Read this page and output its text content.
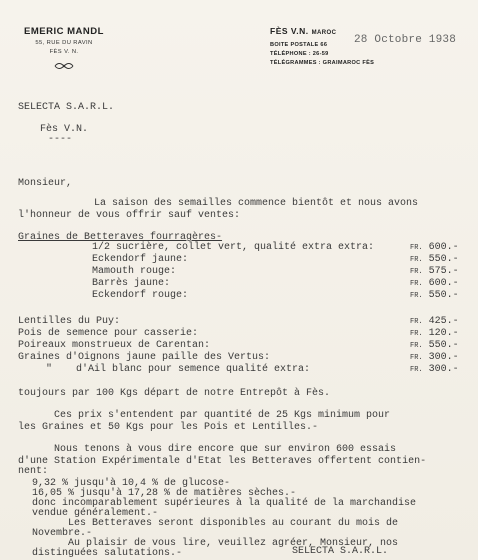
EMERIC MANDL
55, RUE DU RAVIN
FÈS V. N.
FÈS V.N. MAROC
BOITE POSTALE 66
TÉLÉPHONE : 26-59
TÉLÉGRAMMES : GRAIMAROC FÈS
28 Octobre 1938
SELECTA S.A.R.L.
Fès V.N.
----
Monsieur,
La saison des semailles commence bientôt et nous avons
l'honneur de vous offrir sauf ventes:
Graines de Betteraves fourragères-
1/2 sucrière, collet vert, qualité extra extra:	FR. 600.-
Eckendorf jaune:	FR. 550.-
Mamouth rouge:	FR. 575.-
Barrès jaune:	FR. 600.-
Eckendorf rouge:	FR. 550.-
Lentilles du Puy:	FR. 425.-
Pois de semence pour casserie:	FR. 120.-
Poireaux monstrueux de Carentan:	FR. 550.-
Graines d'Oignons jaune paille des Vertus:	FR. 300.-
"    d'Ail blanc pour semence qualité extra:	FR. 300.-
toujours par 100 Kgs départ de notre Entrepôt à Fès.
Ces prix s'entendent par quantité de 25 Kgs minimum pour
les Graines et 50 Kgs pour les Pois et Lentilles.-
Nous tenons à vous dire encore que sur environ 600 essais
d'une Station Expérimentale d'Etat les Betteraves offertent contien-
nent:
9,32 % jusqu'à 10,4 % de glucose-
16,05 % jusqu'à 17,28 % de matières sèches.-
donc incomparablement supérieures à la qualité de la marchandise
vendue généralement.-
Les Betteraves seront disponibles au courant du mois de
Novembre.-
Au plaisir de vous lire, veuillez agréer, Monsieur, nos
distinguées salutations.-	SELECTA S.A.R.L.
